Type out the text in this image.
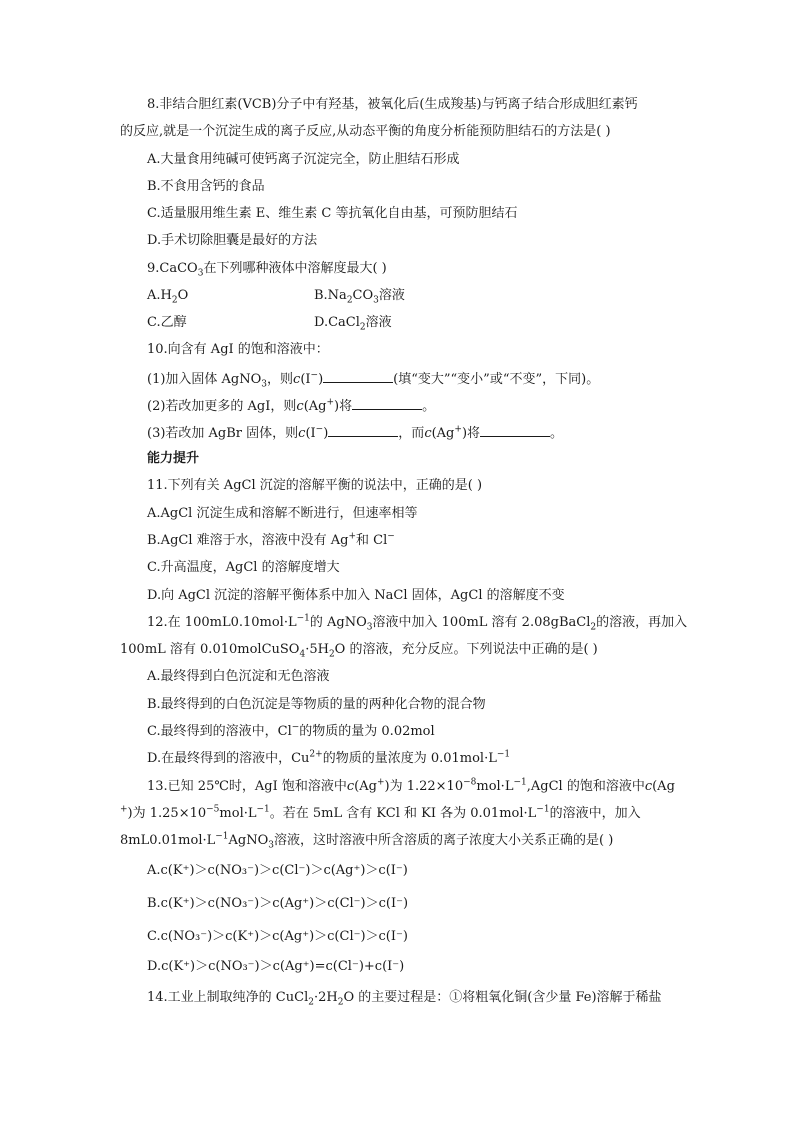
8.非结合胆红素(VCB)分子中有羟基，被氧化后(生成羧基)与钙离子结合形成胆红素钙
的反应,就是一个沉淀生成的离子反应,从动态平衡的角度分析能预防胆结石的方法是( )
A.大量食用纯碱可使钙离子沉淀完全，防止胆结石形成
B.不食用含钙的食品
C.适量服用维生素 E、维生素 C 等抗氧化自由基，可预防胆结石
D.手术切除胆囊是最好的方法
9.CaCO$_3$在下列哪种液体中溶解度最大( )
$A.H_2O$	$B.Na_2CO_3$溶液
C.乙醇	D.CaCl$_2$溶液
10.向含有 AgI 的饱和溶液中：
(1)加入固体 AgNO$_3$，则c(I−)	(填“变大”“变小”或“不变”，下同)。
(2)若改加更多的 AgI，则c(Ag+)将	。
(3)若改加 AgBr 固体，则c(I−)	，而c(Ag+)将	。
能力提升
11.下列有关 AgCl 沉淀的溶解平衡的说法中，正确的是( )
A.AgCl 沉淀生成和溶解不断进行，但速率相等
B.AgCl 难溶于水，溶液中没有 Ag+和 Cl−
C.升高温度，AgCl 的溶解度增大
D.向 AgCl 沉淀的溶解平衡体系中加入 NaCl 固体，AgCl 的溶解度不变
12.在 $100mL0.10mol\cdot L^{-1}$的 AgNO$_3$溶液中加入 100mL 溶有 2.08gBaCl$_2$的溶液，再加入
100mL 溶有 $0.010molCuSO_4\cdot 5H_2O$ 的溶液，充分反应。下列说法中正确的是( )
A.最终得到白色沉淀和无色溶液
B.最终得到的白色沉淀是等物质的量的两种化合物的混合物
C.最终得到的溶液中，Cl−的物质的量为 0.02mol
D.在最终得到的溶液中，$Cu^{2+}$的物质的量浓度为 $0.01mol\cdot L^{-1}$
13.已知 25℃时，AgI 饱和溶液中c(Ag+)为 $1.22\times 10^{-8}mol\cdot L^{-1},AgCl$ 的饱和溶液中c(Ag
+)为 $1.25\times 10^{-5}mol\cdot L^{-1}$。若在 5mL 含有 KCl 和 KI 各为 $0.01mol\cdot L^{-1}$的溶液中，加入
$8mL0.01mol\cdot L^{-1}AgNO_3$溶液，这时溶液中所含溶质的离子浓度大小关系正确的是( )
A.c(K⁺)＞c(NO₃⁻)＞c(Cl⁻)＞c(Ag⁺)＞c(I⁻)
B.c(K⁺)＞c(NO₃⁻)＞c(Ag⁺)＞c(Cl⁻)＞c(I⁻)
C.c(NO₃⁻)＞c(K⁺)＞c(Ag⁺)＞c(Cl⁻)＞c(I⁻)
D.c(K⁺)＞c(NO₃⁻)＞c(Ag⁺)=c(Cl⁻)+c(I⁻)
14.工业上制取纯净的 $CuCl_2\cdot 2H_2O$ 的主要过程是：①将粗氧化铜(含少量 Fe)溶解于稀盐
